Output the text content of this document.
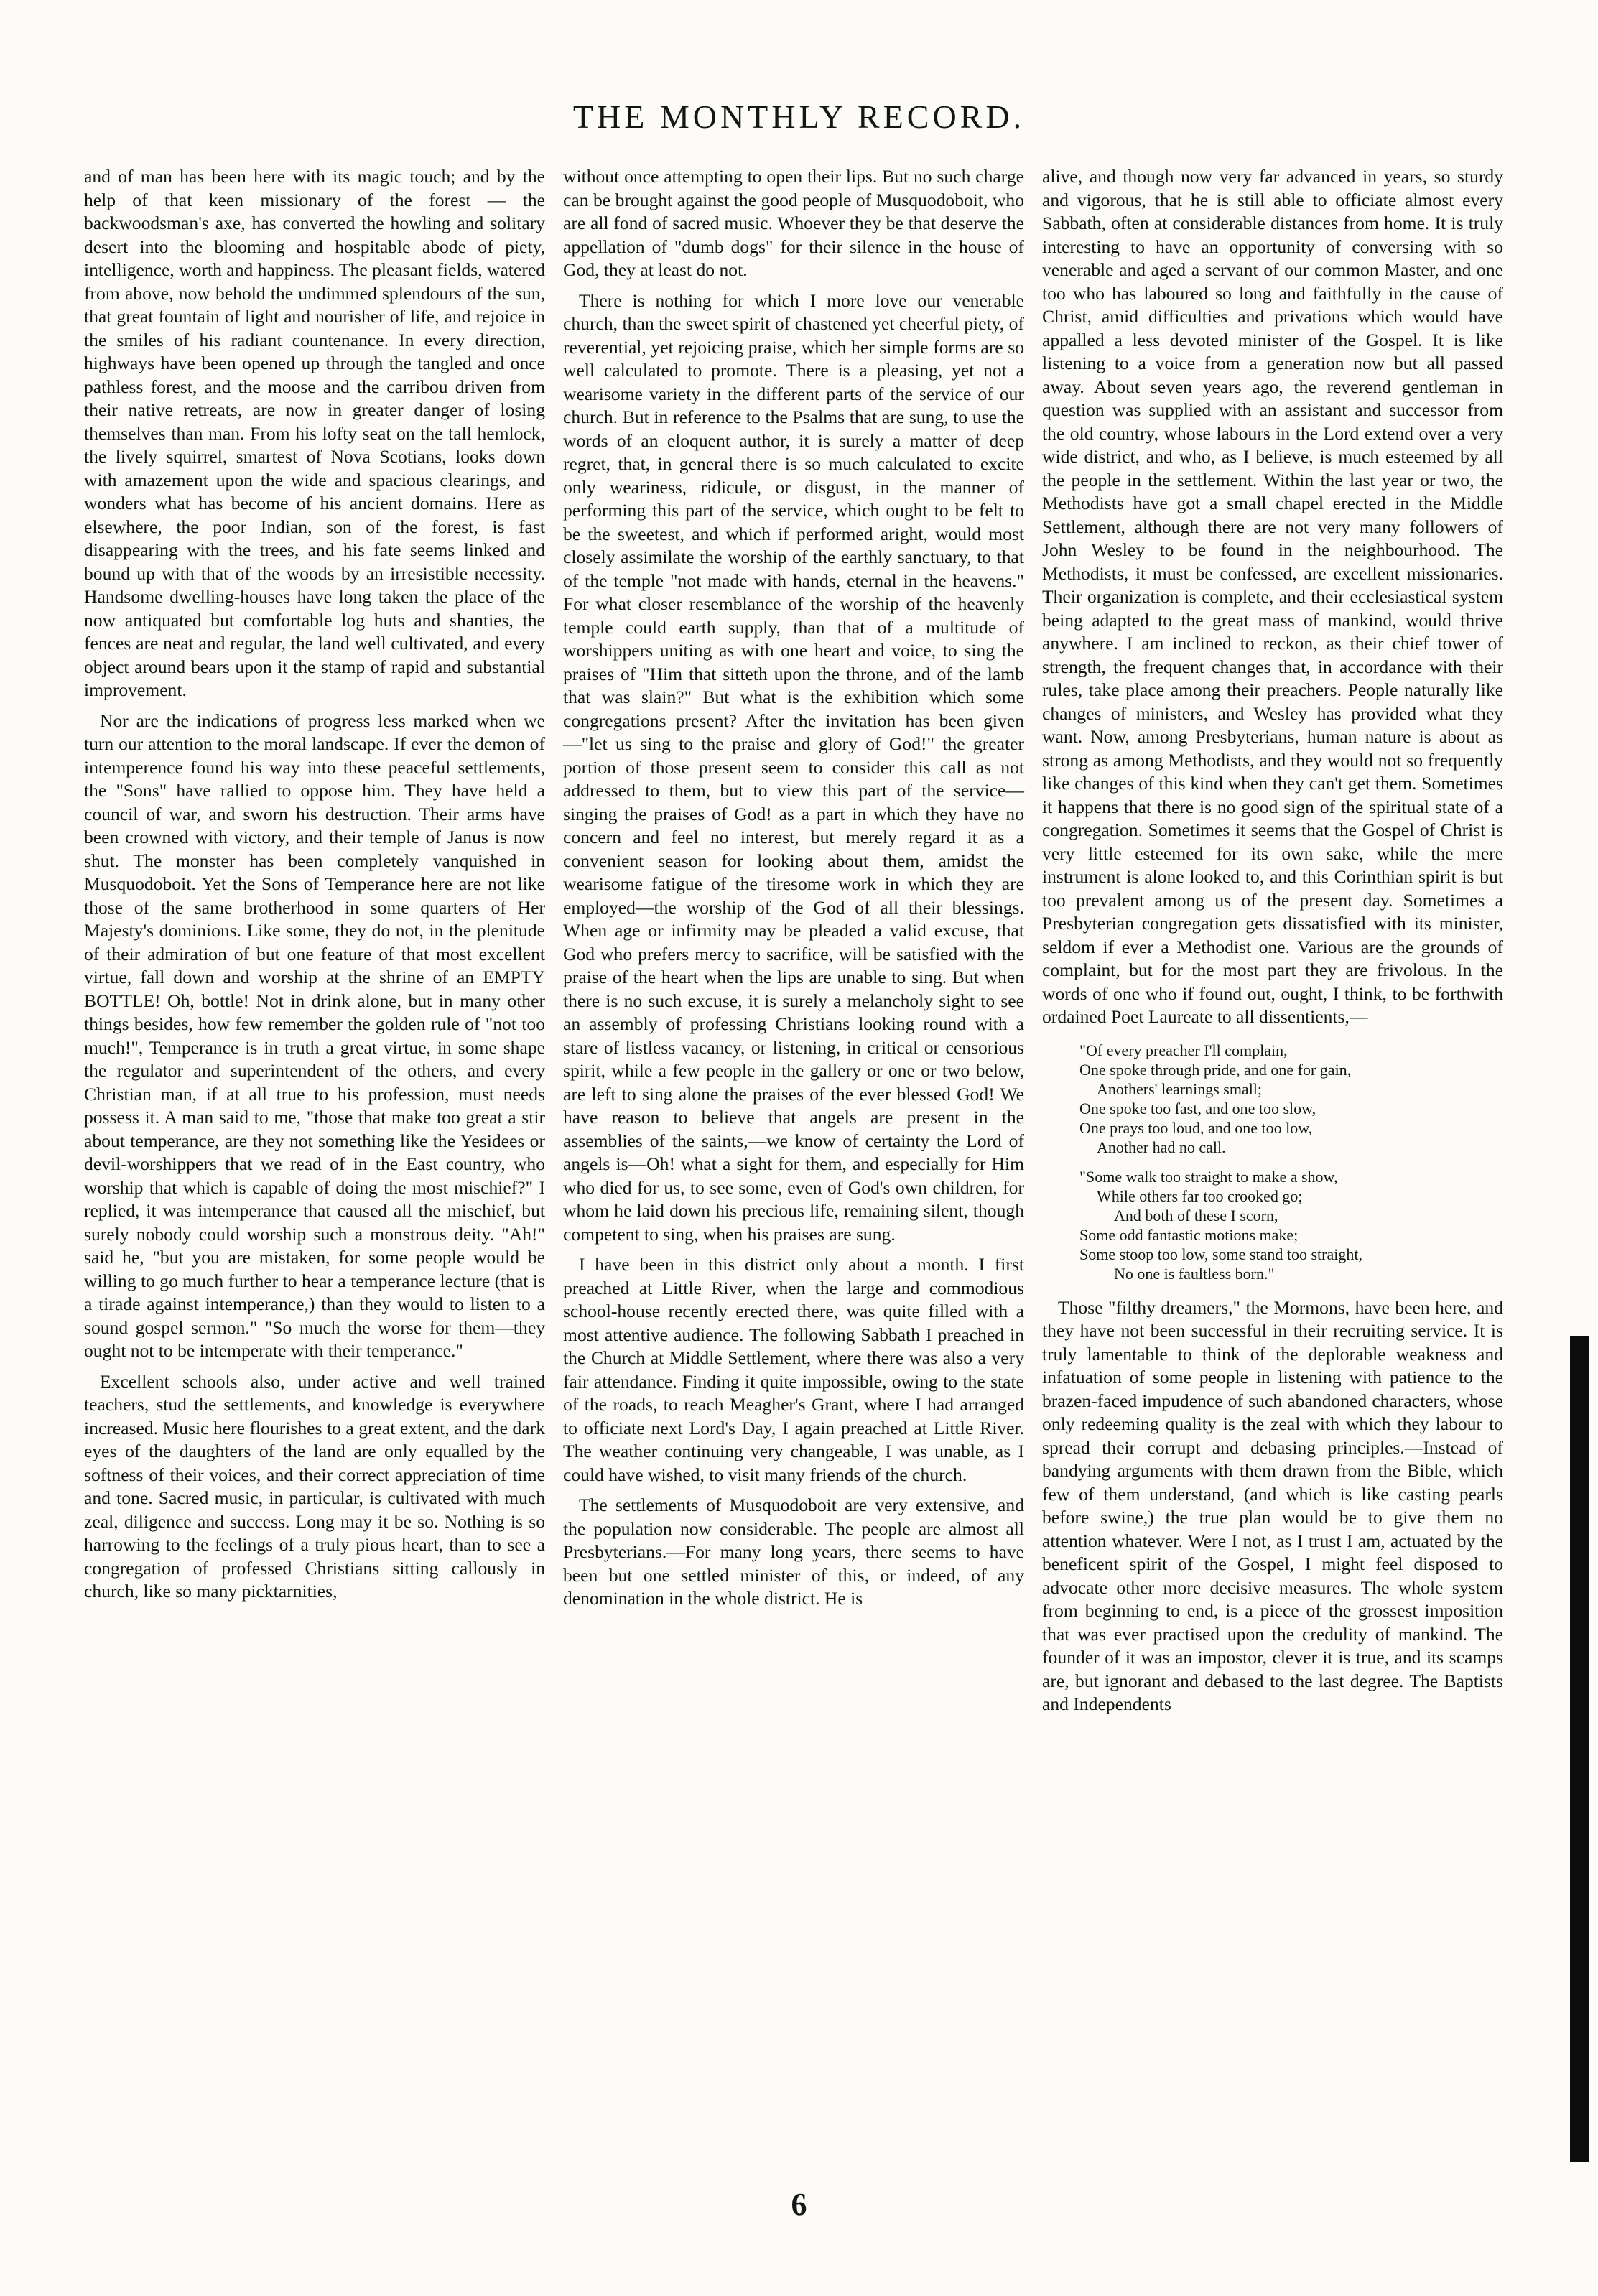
THE MONTHLY RECORD.

and of man has been here with its magic touch; and by the help of that keen missionary of the forest — the backwoodsman's axe, has converted the howling and solitary desert into the blooming and hospitable abode of piety, intelligence, worth and happiness. The pleasant fields, watered from above, now behold the undimmed splendours of the sun, that great fountain of light and nourisher of life, and rejoice in the smiles of his radiant countenance. In every direction, highways have been opened up through the tangled and once pathless forest, and the moose and the carribou driven from their native retreats, are now in greater danger of losing themselves than man. From his lofty seat on the tall hemlock, the lively squirrel, smartest of Nova Scotians, looks down with amazement upon the wide and spacious clearings, and wonders what has become of his ancient domains. Here as elsewhere, the poor Indian, son of the forest, is fast disappearing with the trees, and his fate seems linked and bound up with that of the woods by an irresistible necessity. Handsome dwelling-houses have long taken the place of the now antiquated but comfortable log huts and shanties, the fences are neat and regular, the land well cultivated, and every object around bears upon it the stamp of rapid and substantial improvement.

Nor are the indications of progress less marked when we turn our attention to the moral landscape. If ever the demon of intemperence found his way into these peaceful settlements, the "Sons" have rallied to oppose him. They have held a council of war, and sworn his destruction. Their arms have been crowned with victory, and their temple of Janus is now shut. The monster has been completely vanquished in Musquodoboit. Yet the Sons of Temperance here are not like those of the same brotherhood in some quarters of Her Majesty's dominions. Like some, they do not, in the plenitude of their admiration of but one feature of that most excellent virtue, fall down and worship at the shrine of an EMPTY BOTTLE! Oh, bottle! Not in drink alone, but in many other things besides, how few remember the golden rule of "not too much!", Temperance is in truth a great virtue, in some shape the regulator and superintendent of the others, and every Christian man, if at all true to his profession, must needs possess it. A man said to me, "those that make too great a stir about temperance, are they not something like the Yesidees or devil-worshippers that we read of in the East country, who worship that which is capable of doing the most mischief?" I replied, it was intemperance that caused all the mischief, but surely nobody could worship such a monstrous deity. "Ah!" said he, "but you are mistaken, for some people would be willing to go much further to hear a temperance lecture (that is a tirade against intemperance,) than they would to listen to a sound gospel sermon." "So much the worse for them—they ought not to be intemperate with their temperance."

Excellent schools also, under active and well trained teachers, stud the settlements, and knowledge is everywhere increased. Music here flourishes to a great extent, and the dark eyes of the daughters of the land are only equalled by the softness of their voices, and their correct appreciation of time and tone. Sacred music, in particular, is cultivated with much zeal, diligence and success. Long may it be so. Nothing is so harrowing to the feelings of a truly pious heart, than to see a congregation of professed Christians sitting callously in church, like so many picktarnities,

without once attempting to open their lips. But no such charge can be brought against the good people of Musquodoboit, who are all fond of sacred music. Whoever they be that deserve the appellation of "dumb dogs" for their silence in the house of God, they at least do not.

There is nothing for which I more love our venerable church, than the sweet spirit of chastened yet cheerful piety, of reverential, yet rejoicing praise, which her simple forms are so well calculated to promote. There is a pleasing, yet not a wearisome variety in the different parts of the service of our church. But in reference to the Psalms that are sung, to use the words of an eloquent author, it is surely a matter of deep regret, that, in general there is so much calculated to excite only weariness, ridicule, or disgust, in the manner of performing this part of the service, which ought to be felt to be the sweetest, and which if performed aright, would most closely assimilate the worship of the earthly sanctuary, to that of the temple "not made with hands, eternal in the heavens." For what closer resemblance of the worship of the heavenly temple could earth supply, than that of a multitude of worshippers uniting as with one heart and voice, to sing the praises of "Him that sitteth upon the throne, and of the lamb that was slain?" But what is the exhibition which some congregations present? After the invitation has been given—"let us sing to the praise and glory of God!" the greater portion of those present seem to consider this call as not addressed to them, but to view this part of the service—singing the praises of God! as a part in which they have no concern and feel no interest, but merely regard it as a convenient season for looking about them, amidst the wearisome fatigue of the tiresome work in which they are employed—the worship of the God of all their blessings. When age or infirmity may be pleaded a valid excuse, that God who prefers mercy to sacrifice, will be satisfied with the praise of the heart when the lips are unable to sing. But when there is no such excuse, it is surely a melancholy sight to see an assembly of professing Christians looking round with a stare of listless vacancy, or listening, in critical or censorious spirit, while a few people in the gallery or one or two below, are left to sing alone the praises of the ever blessed God! We have reason to believe that angels are present in the assemblies of the saints,—we know of certainty the Lord of angels is—Oh! what a sight for them, and especially for Him who died for us, to see some, even of God's own children, for whom he laid down his precious life, remaining silent, though competent to sing, when his praises are sung.

I have been in this district only about a month. I first preached at Little River, when the large and commodious school-house recently erected there, was quite filled with a most attentive audience. The following Sabbath I preached in the Church at Middle Settlement, where there was also a very fair attendance. Finding it quite impossible, owing to the state of the roads, to reach Meagher's Grant, where I had arranged to officiate next Lord's Day, I again preached at Little River. The weather continuing very changeable, I was unable, as I could have wished, to visit many friends of the church.

The settlements of Musquodoboit are very extensive, and the population now considerable. The people are almost all Presbyterians.—For many long years, there seems to have been but one settled minister of this, or indeed, of any denomination in the whole district. He is

alive, and though now very far advanced in years, so sturdy and vigorous, that he is still able to officiate almost every Sabbath, often at considerable distances from home. It is truly interesting to have an opportunity of conversing with so venerable and aged a servant of our common Master, and one too who has laboured so long and faithfully in the cause of Christ, amid difficulties and privations which would have appalled a less devoted minister of the Gospel. It is like listening to a voice from a generation now but all passed away. About seven years ago, the reverend gentleman in question was supplied with an assistant and successor from the old country, whose labours in the Lord extend over a very wide district, and who, as I believe, is much esteemed by all the people in the settlement. Within the last year or two, the Methodists have got a small chapel erected in the Middle Settlement, although there are not very many followers of John Wesley to be found in the neighbourhood. The Methodists, it must be confessed, are excellent missionaries. Their organization is complete, and their ecclesiastical system being adapted to the great mass of mankind, would thrive anywhere. I am inclined to reckon, as their chief tower of strength, the frequent changes that, in accordance with their rules, take place among their preachers. People naturally like changes of ministers, and Wesley has provided what they want. Now, among Presbyterians, human nature is about as strong as among Methodists, and they would not so frequently like changes of this kind when they can't get them. Sometimes it happens that there is no good sign of the spiritual state of a congregation. Sometimes it seems that the Gospel of Christ is very little esteemed for its own sake, while the mere instrument is alone looked to, and this Corinthian spirit is but too prevalent among us of the present day. Sometimes a Presbyterian congregation gets dissatisfied with its minister, seldom if ever a Methodist one. Various are the grounds of complaint, but for the most part they are frivolous. In the words of one who if found out, ought, I think, to be forthwith ordained Poet Laureate to all dissentients,—

"Of every preacher I'll complain,
One spoke through pride, and one for gain,
Anothers' learnings small;
One spoke too fast, and one too slow,
One prays too loud, and one too low,
Another had no call.
"Some walk too straight to make a show,
While others far too crooked go;
And both of these I scorn,
Some odd fantastic motions make;
Some stoop too low, some stand too straight,
No one is faultless born."

Those "filthy dreamers," the Mormons, have been here, and they have not been successful in their recruiting service. It is truly lamentable to think of the deplorable weakness and infatuation of some people in listening with patience to the brazen-faced impudence of such abandoned characters, whose only redeeming quality is the zeal with which they labour to spread their corrupt and debasing principles.—Instead of bandying arguments with them drawn from the Bible, which few of them understand, (and which is like casting pearls before swine,) the true plan would be to give them no attention whatever. Were I not, as I trust I am, actuated by the beneficent spirit of the Gospel, I might feel disposed to advocate other more decisive measures. The whole system from beginning to end, is a piece of the grossest imposition that was ever practised upon the credulity of mankind. The founder of it was an impostor, clever it is true, and its scamps are, but ignorant and debased to the last degree. The Baptists and Independents

6
